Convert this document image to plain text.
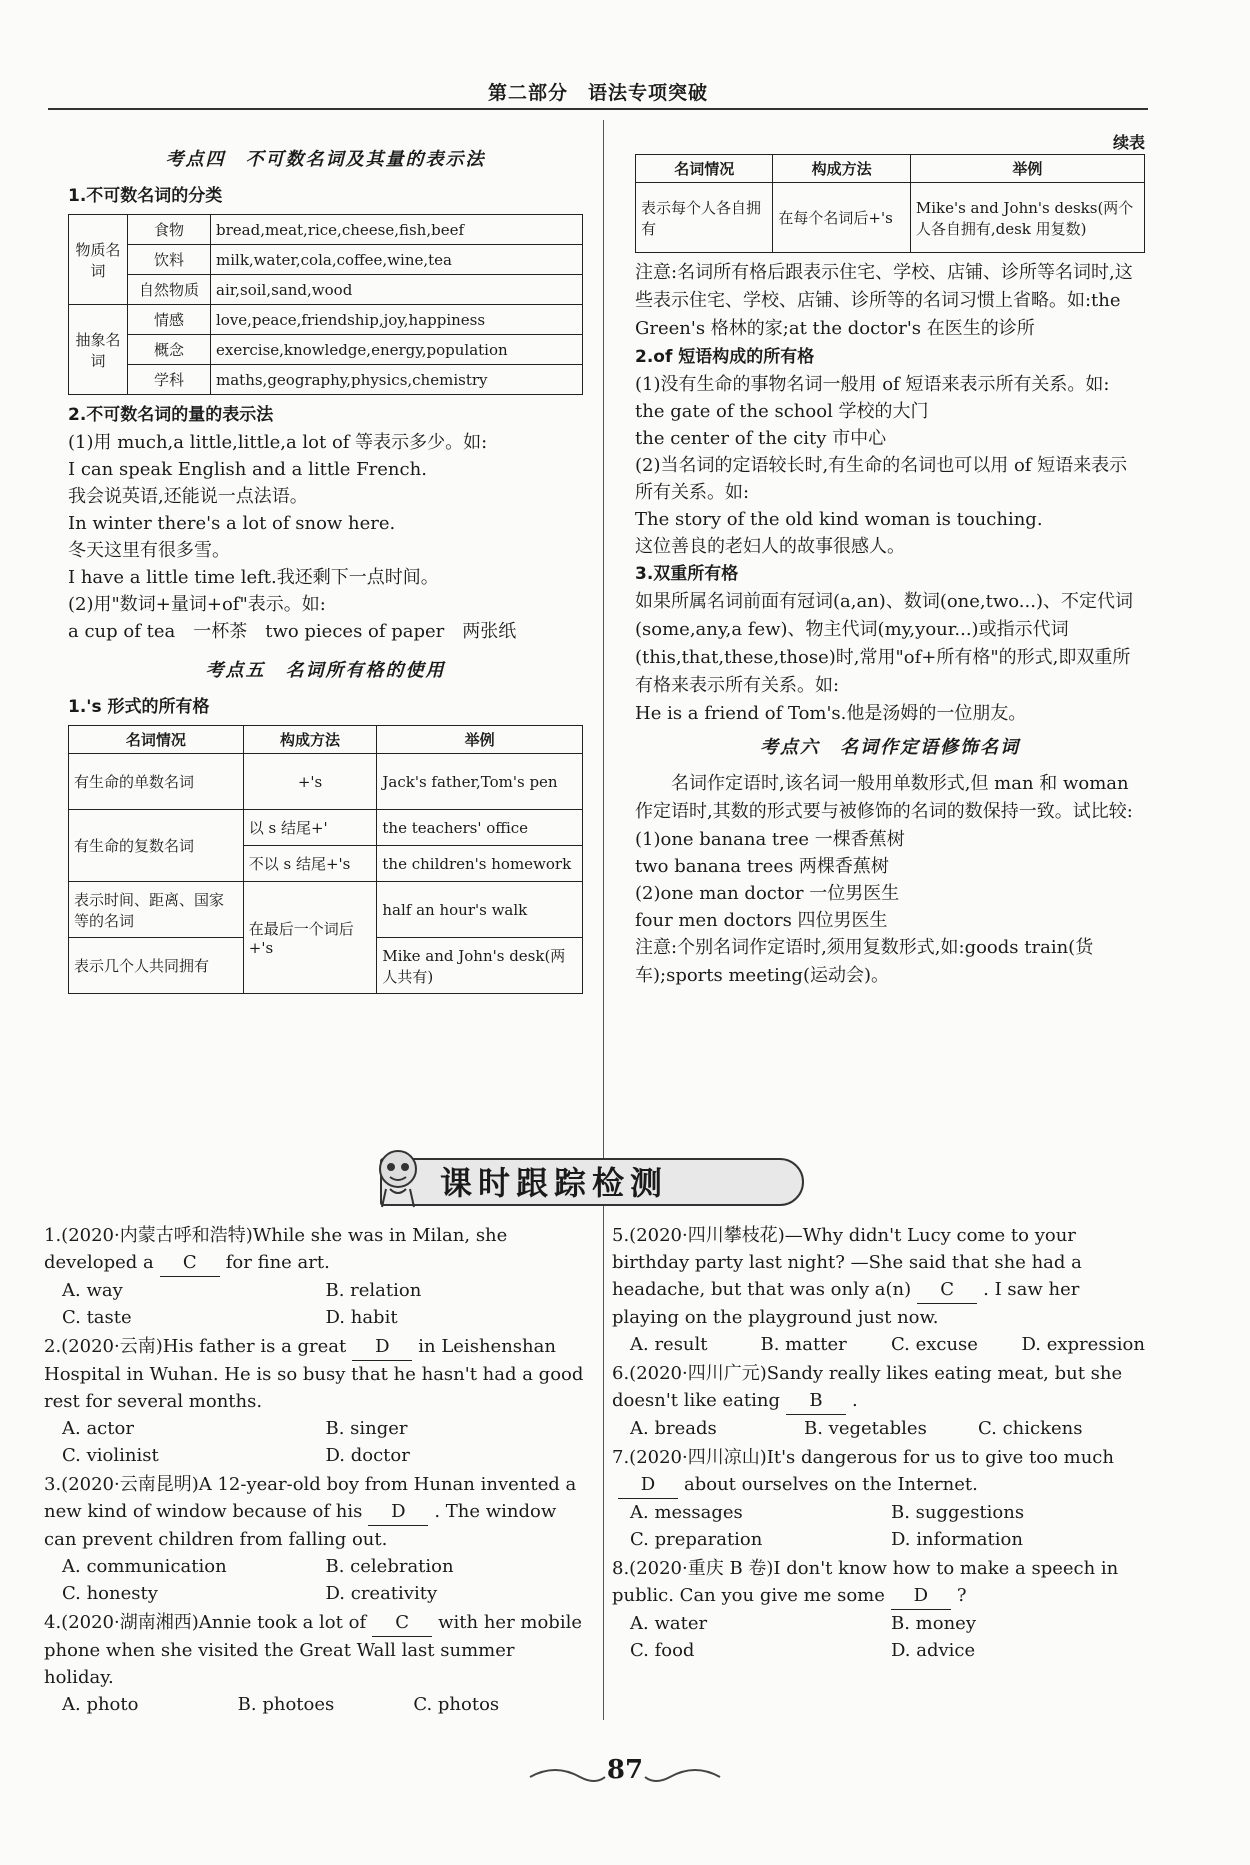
第二部分　语法专项突破

考点四　不可数名词及其量的表示法

1.不可数名词的分类

物质名词	食物	bread,meat,rice,cheese,fish,beef
	饮料	milk,water,cola,coffee,wine,tea
	自然物质	air,soil,sand,wood
抽象名词	情感	love,peace,friendship,joy,happiness
	概念	exercise,knowledge,energy,population
	学科	maths,geography,physics,chemistry

2.不可数名词的量的表示法

(1)用 much,a little,little,a lot of 等表示多少。如:

I can speak English and a little French.

我会说英语,还能说一点法语。

In winter there's a lot of snow here.

冬天这里有很多雪。

I have a little time left.我还剩下一点时间。

(2)用"数词+量词+of"表示。如:

a cup of tea　一杯茶　two pieces of paper　两张纸

考点五　名词所有格的使用

1.'s 形式的所有格

名词情况	构成方法	举例
有生命的单数名词	+'s	Jack's father,Tom's pen
有生命的复数名词	以 s 结尾+'	the teachers' office
	不以 s 结尾+'s	the children's homework
表示时间、距离、国家等的名词	在最后一个词后+'s	half an hour's walk
表示几个人共同拥有		Mike and John's desk(两人共有)
续表
名词情况	构成方法	举例
表示每个人各自拥有	在每个名词后+'s	Mike's and John's desks(两个人各自拥有,desk 用复数)

注意:名词所有格后跟表示住宅、学校、店铺、诊所等名词时,这些表示住宅、学校、店铺、诊所等的名词习惯上省略。如:the Green's 格林的家;at the doctor's 在医生的诊所

2.of 短语构成的所有格

(1)没有生命的事物名词一般用 of 短语来表示所有关系。如:

the gate of the school 学校的大门

the center of the city 市中心

(2)当名词的定语较长时,有生命的名词也可以用 of 短语来表示所有关系。如:

The story of the old kind woman is touching.

这位善良的老妇人的故事很感人。

3.双重所有格

如果所属名词前面有冠词(a,an)、数词(one,two...)、不定代词(some,any,a few)、物主代词(my,your...)或指示代词(this,that,these,those)时,常用"of+所有格"的形式,即双重所有格来表示所有关系。如:

He is a friend of Tom's.他是汤姆的一位朋友。

考点六　名词作定语修饰名词

名词作定语时,该名词一般用单数形式,但 man 和 woman 作定语时,其数的形式要与被修饰的名词的数保持一致。试比较:

(1)one banana tree 一棵香蕉树

two banana trees 两棵香蕉树

(2)one man doctor 一位男医生

four men doctors 四位男医生

注意:个别名词作定语时,须用复数形式,如:goods train(货车);sports meeting(运动会)。

课时跟踪检测

1.(2020·内蒙古呼和浩特)While she was in Milan, she developed a C for fine art.

A. way	B. relation
C. taste	D. habit

2.(2020·云南)His father is a great D in Leishenshan Hospital in Wuhan. He is so busy that he hasn't had a good rest for several months.

A. actor	B. singer
C. violinist	D. doctor

3.(2020·云南昆明)A 12-year-old boy from Hunan invented a new kind of window because of his D . The window can prevent children from falling out.

A. communication	B. celebration
C. honesty	D. creativity

4.(2020·湖南湘西)Annie took a lot of C with her mobile phone when she visited the Great Wall last summer holiday.

A. photo	B. photoes	C. photos

5.(2020·四川攀枝花)—Why didn't Lucy come to your birthday party last night? —She said that she had a headache, but that was only a(n) C . I saw her playing on the playground just now.

A. result	B. matter	C. excuse	D. expression

6.(2020·四川广元)Sandy really likes eating meat, but she doesn't like eating B .

A. breads	B. vegetables	C. chickens

7.(2020·四川凉山)It's dangerous for us to give too muchD about ourselves on the Internet.

A. messages	B. suggestions
C. preparation	D. information

8.(2020·重庆 B 卷)I don't know how to make a speech in public. Can you give me some D ?

A. water	B. money
C. food	D. advice
87
